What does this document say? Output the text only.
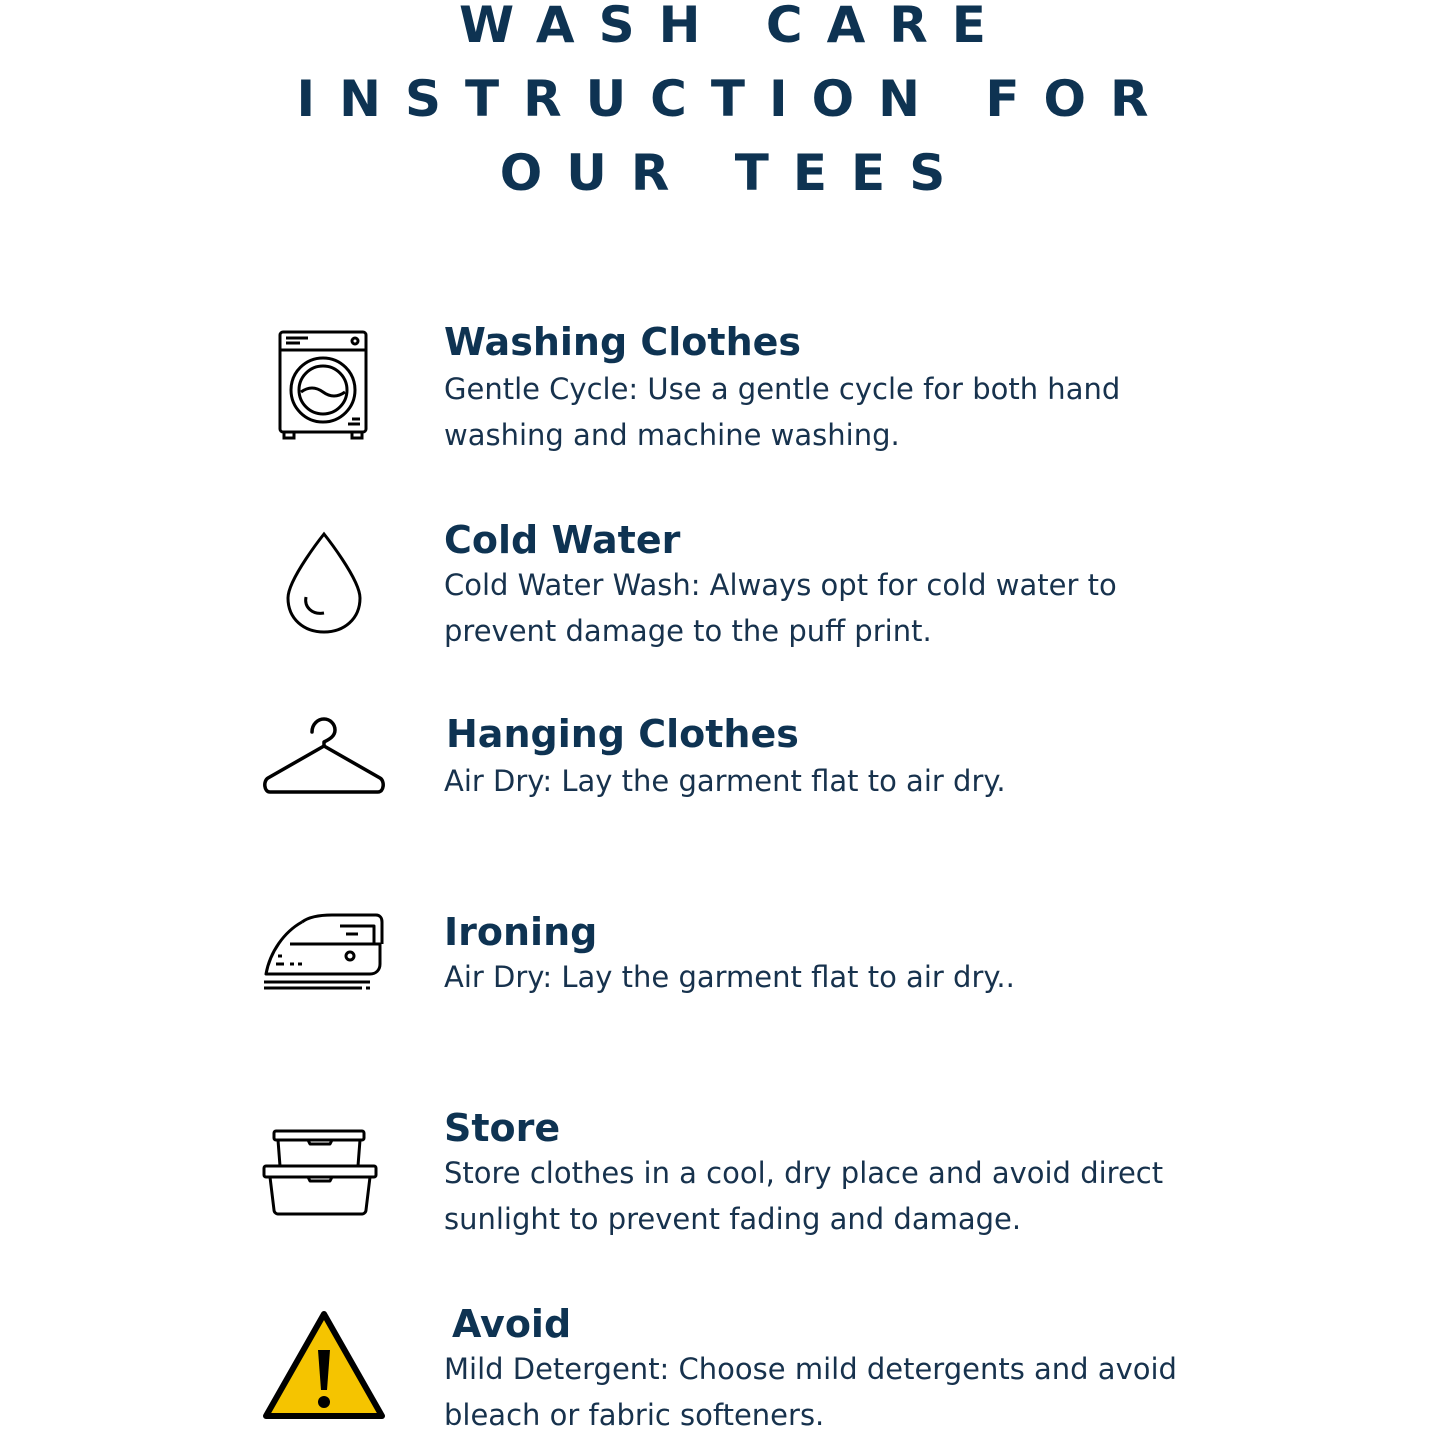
WASH CARE
INSTRUCTION FOR
OUR TEES
Washing Clothes

Gentle Cycle: Use a gentle cycle for both hand washing and machine washing.

Cold Water

Cold Water Wash: Always opt for cold water to prevent damage to the puff print.

Hanging Clothes

Air Dry: Lay the garment flat to air dry.

Ironing

Air Dry: Lay the garment flat to air dry..

Store

Store clothes in a cool, dry place and avoid direct sunlight to prevent fading and damage.

Avoid

Mild Detergent: Choose mild detergents and avoid bleach or fabric softeners.
